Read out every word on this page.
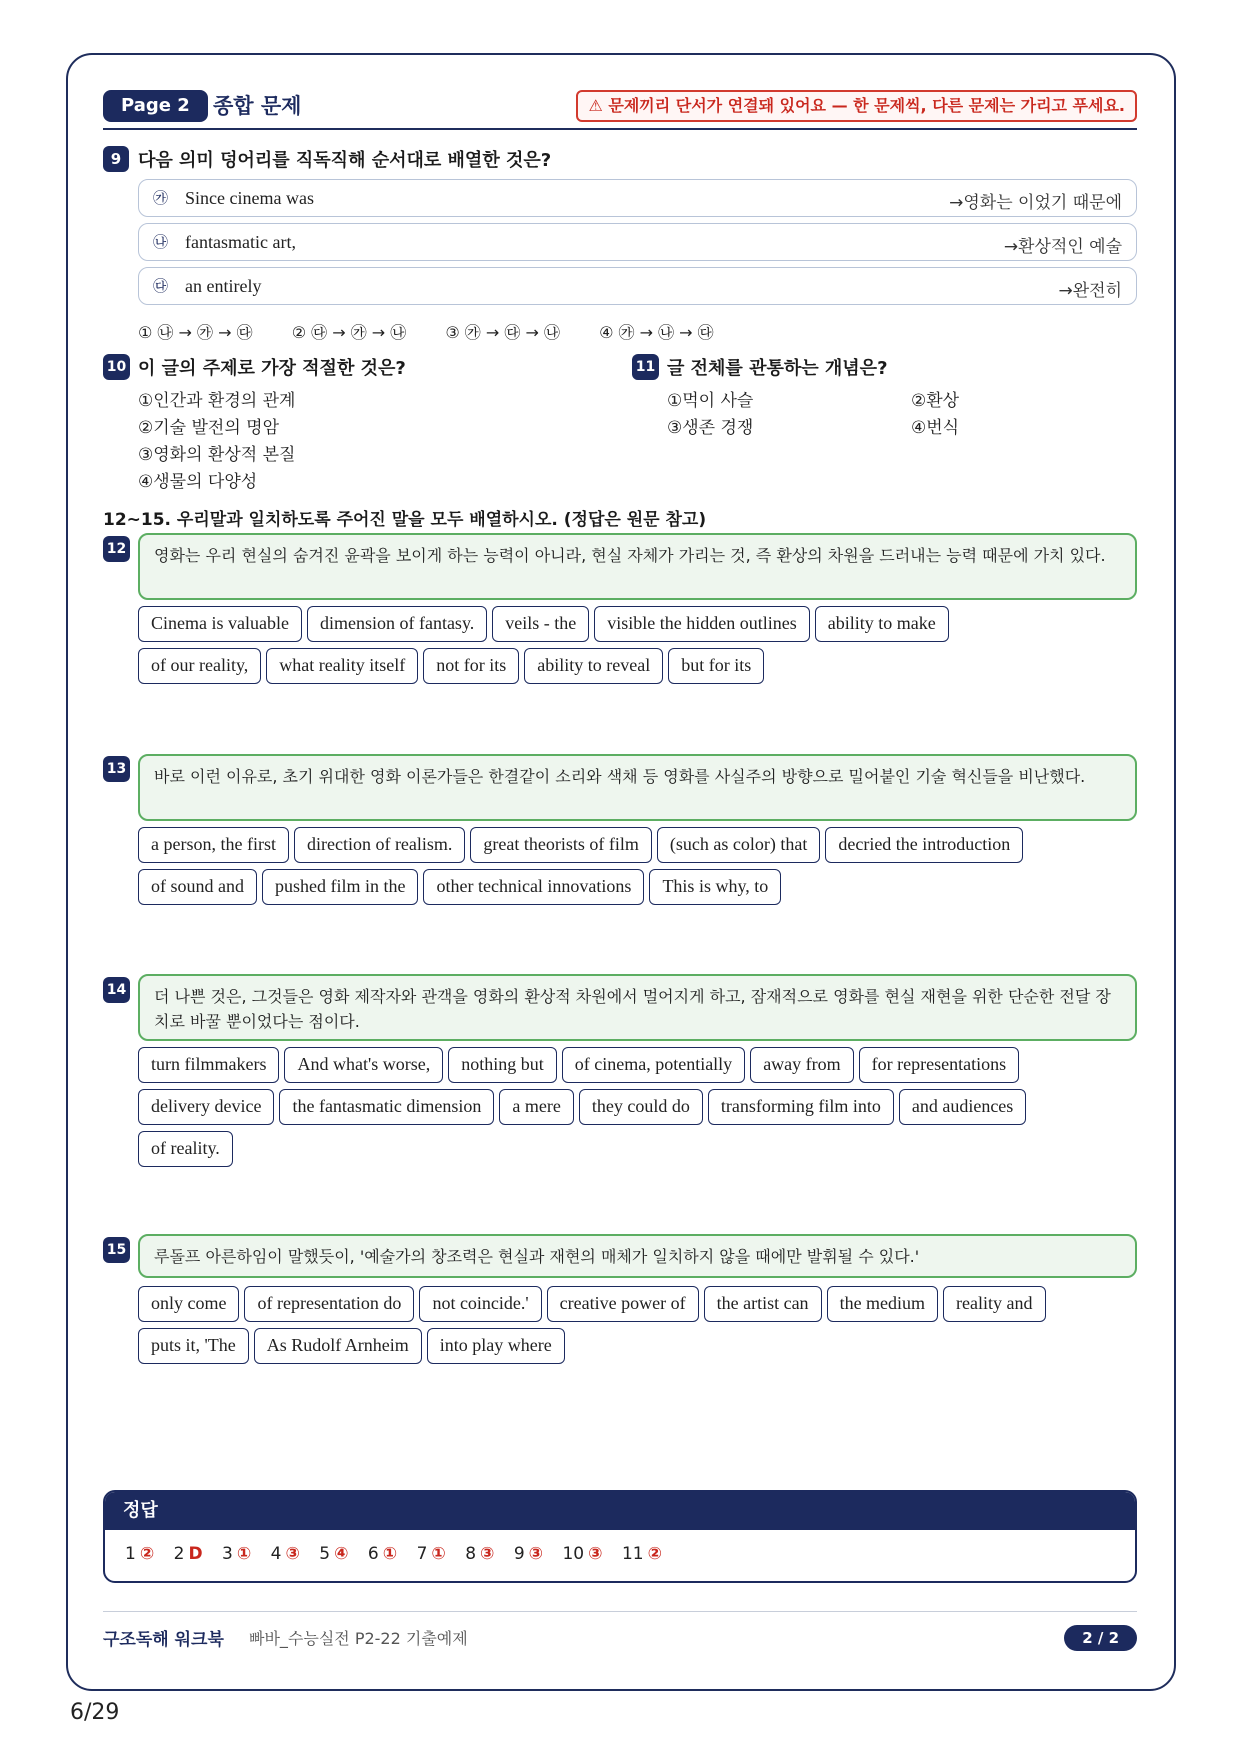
Page 2	종합 문제	⚠ 문제끼리 단서가 연결돼 있어요 — 한 문제씩, 다른 문제는 가리고 푸세요.
9 다음 의미 덩어리를 직독직해 순서대로 배열한 것은?
㉮ Since cinema was	→영화는 이었기 때문에
㉯ fantasmatic art,	→환상적인 예술
㉰ an entirely	→완전히
① ㉯ → ㉮ → ㉰ ② ㉰ → ㉮ → ㉯ ③ ㉮ → ㉰ → ㉯ ④ ㉮ → ㉯ → ㉰
10 이 글의 주제로 가장 적절한 것은?
①인간과 환경의 관계
②기술 발전의 명암
③영화의 환상적 본질
④생물의 다양성
11 글 전체를 관통하는 개념은?
①먹이 사슬	②환상
③생존 경쟁	④번식
12~15. 우리말과 일치하도록 주어진 말을 모두 배열하시오. (정답은 원문 참고)
12	영화는 우리 현실의 숨겨진 윤곽을 보이게 하는 능력이 아니라, 현실 자체가 가리는 것, 즉 환상의 차원을 드러내는 능력 때문에 가치 있다.
Cinema is valuable dimension of fantasy. veils - the visible the hidden outlines ability to make
of our reality, what reality itself not for its ability to reveal but for its
13	바로 이런 이유로, 초기 위대한 영화 이론가들은 한결같이 소리와 색채 등 영화를 사실주의 방향으로 밀어붙인 기술 혁신들을 비난했다.
a person, the first direction of realism. great theorists of film (such as color) that decried the introduction
of sound and pushed film in the other technical innovations This is why, to
14	더 나쁜 것은, 그것들은 영화 제작자와 관객을 영화의 환상적 차원에서 멀어지게 하고, 잠재적으로 영화를 현실 재현을 위한 단순한 전달 장치로 바꿀 뿐이었다는 점이다.
turn filmmakers And what's worse, nothing but of cinema, potentially away from for representations
delivery device the fantasmatic dimension a mere they could do transforming film into and audiences
of reality.
15	루돌프 아른하임이 말했듯이, '예술가의 창조력은 현실과 재현의 매체가 일치하지 않을 때에만 발휘될 수 있다.'
only come of representation do not coincide.' creative power of the artist can the medium reality and
puts it, 'The As Rudolf Arnheim into play where
정답
1 ② 2 D 3 ① 4 ③ 5 ④ 6 ① 7 ① 8 ③ 9 ③ 10 ③ 11 ②
구조독해 워크북 빠바_수능실전 P2-22 기출예제	2 / 2
6/29
